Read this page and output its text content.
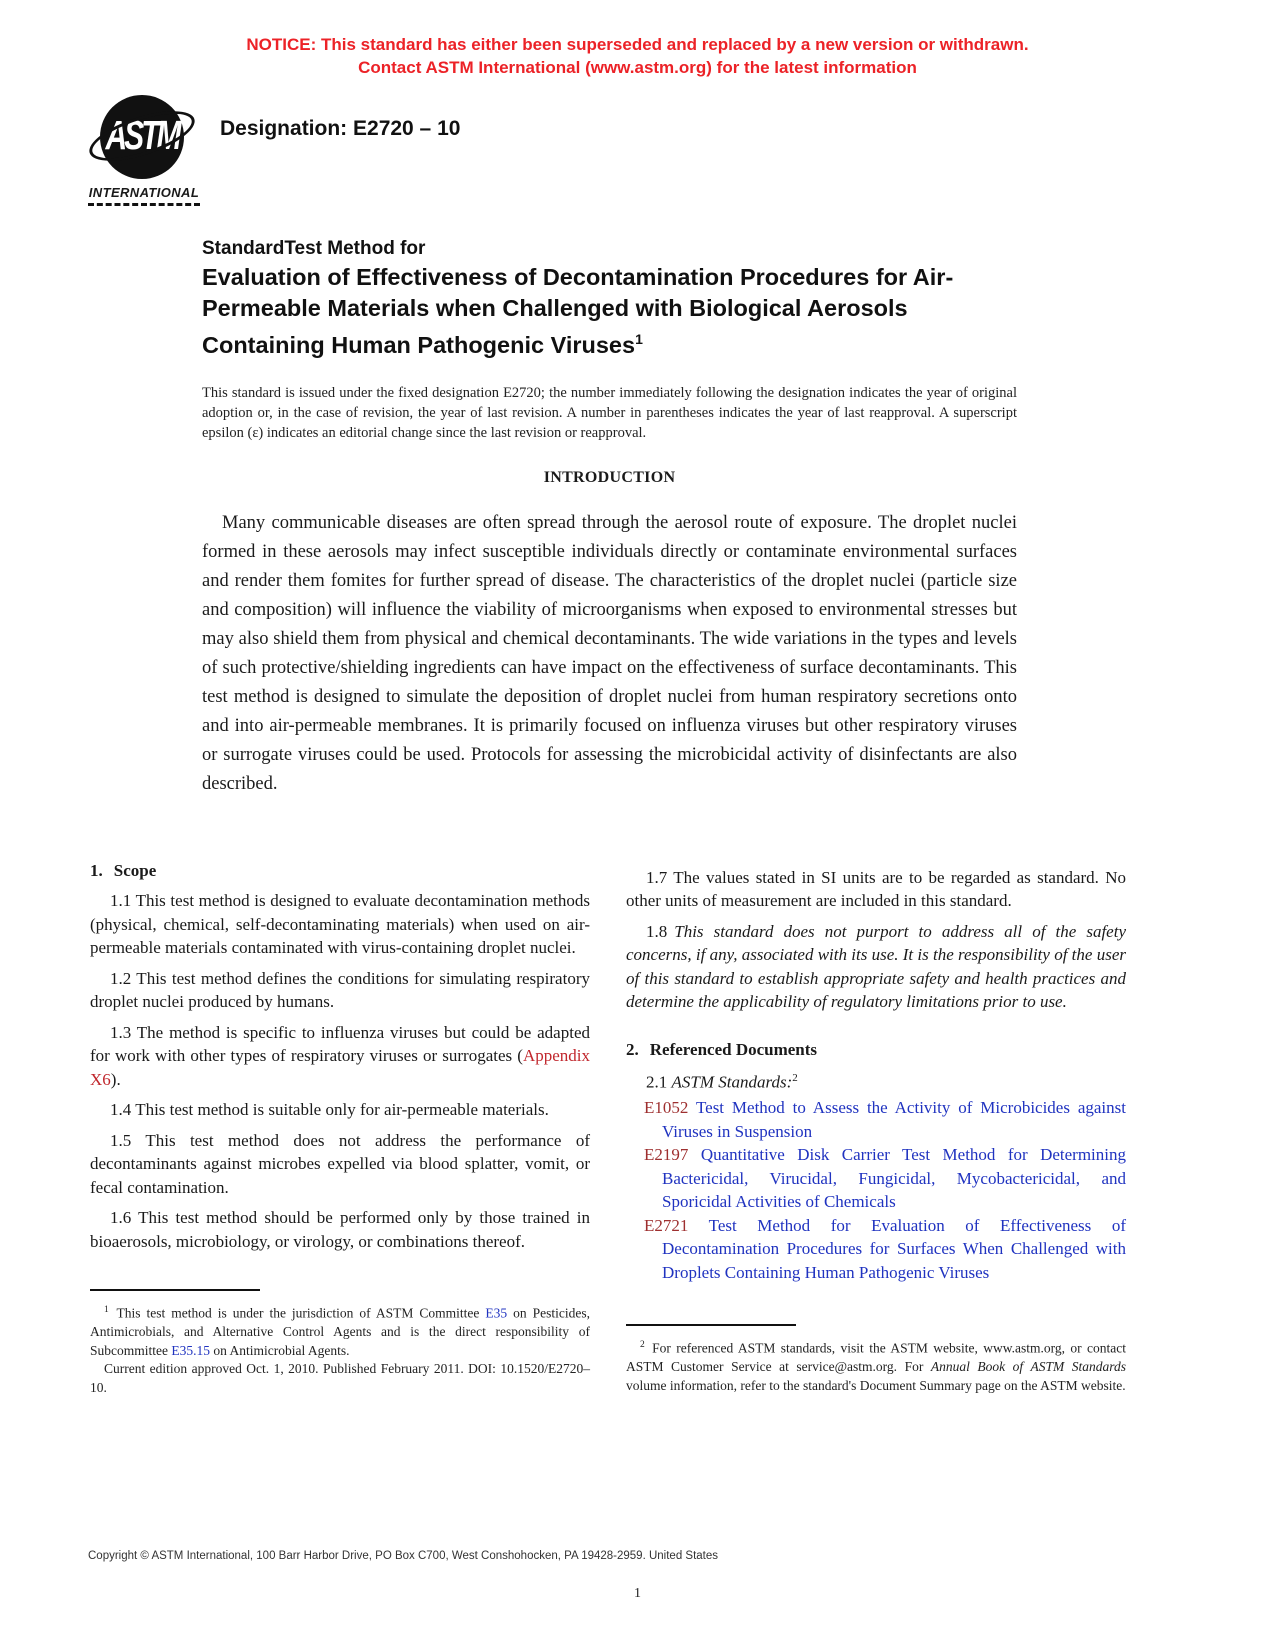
NOTICE: This standard has either been superseded and replaced by a new version or withdrawn.
Contact ASTM International (www.astm.org) for the latest information
ASTM
INTERNATIONAL
Designation: E2720 – 10
StandardTest Method for
Evaluation of Effectiveness of Decontamination Procedures for Air-Permeable Materials when Challenged with Biological Aerosols Containing Human Pathogenic Viruses$^1$
This standard is issued under the fixed designation E2720; the number immediately following the designation indicates the year of original adoption or, in the case of revision, the year of last revision. A number in parentheses indicates the year of last reapproval. A superscript epsilon (ε) indicates an editorial change since the last revision or reapproval.
INTRODUCTION

Many communicable diseases are often spread through the aerosol route of exposure. The droplet nuclei formed in these aerosols may infect susceptible individuals directly or contaminate environmental surfaces and render them fomites for further spread of disease. The characteristics of the droplet nuclei (particle size and composition) will influence the viability of microorganisms when exposed to environmental stresses but may also shield them from physical and chemical decontaminants. The wide variations in the types and levels of such protective/shielding ingredients can have impact on the effectiveness of surface decontaminants. This test method is designed to simulate the deposition of droplet nuclei from human respiratory secretions onto and into air-permeable membranes. It is primarily focused on influenza viruses but other respiratory viruses or surrogate viruses could be used. Protocols for assessing the microbicidal activity of disinfectants are also described.

1. Scope

1.1 This test method is designed to evaluate decontamination methods (physical, chemical, self-decontaminating materials) when used on air-permeable materials contaminated with virus-containing droplet nuclei.

1.2 This test method defines the conditions for simulating respiratory droplet nuclei produced by humans.

1.3 The method is specific to influenza viruses but could be adapted for work with other types of respiratory viruses or surrogates (Appendix X6).

1.4 This test method is suitable only for air-permeable materials.

1.5 This test method does not address the performance of decontaminants against microbes expelled via blood splatter, vomit, or fecal contamination.

1.6 This test method should be performed only by those trained in bioaerosols, microbiology, or virology, or combinations thereof.

$^1$ This test method is under the jurisdiction of ASTM Committee E35 on Pesticides, Antimicrobials, and Alternative Control Agents and is the direct responsibility of Subcommittee E35.15 on Antimicrobial Agents.

Current edition approved Oct. 1, 2010. Published February 2011. DOI: 10.1520/E2720–10.

1.7 The values stated in SI units are to be regarded as standard. No other units of measurement are included in this standard.

1.8 This standard does not purport to address all of the safety concerns, if any, associated with its use. It is the responsibility of the user of this standard to establish appropriate safety and health practices and determine the applicability of regulatory limitations prior to use.

2. Referenced Documents

2.1 ASTM Standards:$^2$

E1052 Test Method to Assess the Activity of Microbicides against Viruses in Suspension

E2197 Quantitative Disk Carrier Test Method for Determining Bactericidal, Virucidal, Fungicidal, Mycobactericidal, and Sporicidal Activities of Chemicals

E2721 Test Method for Evaluation of Effectiveness of Decontamination Procedures for Surfaces When Challenged with Droplets Containing Human Pathogenic Viruses

$^2$ For referenced ASTM standards, visit the ASTM website, www.astm.org, or contact ASTM Customer Service at service@astm.org. For Annual Book of ASTM Standards volume information, refer to the standard's Document Summary page on the ASTM website.

Copyright © ASTM International, 100 Barr Harbor Drive, PO Box C700, West Conshohocken, PA 19428-2959. United States
1
